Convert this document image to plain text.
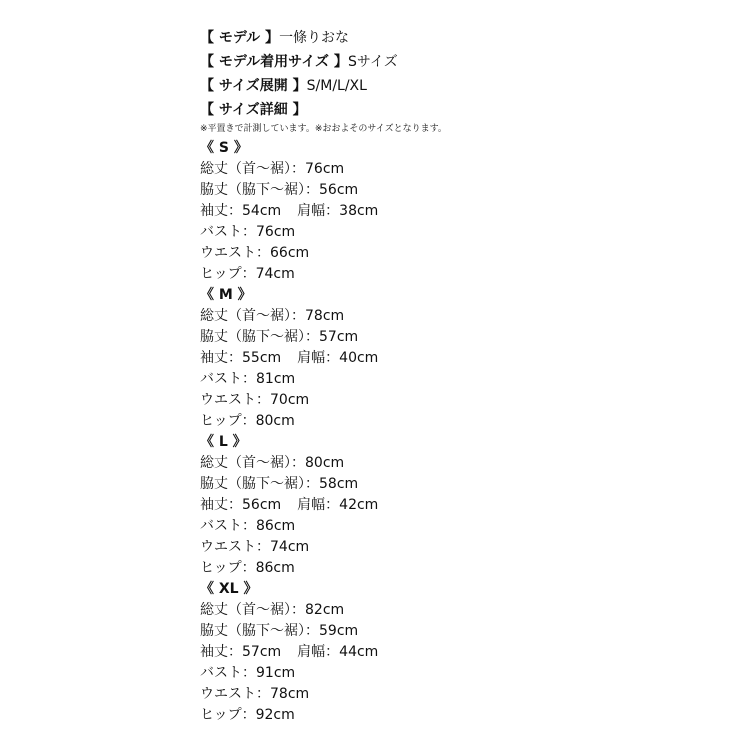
【 モデル 】一條りおな
【 モデル着用サイズ 】Sサイズ
【 サイズ展開 】S/M/L/XL
【 サイズ詳細 】
※平置きで計測しています。※おおよそのサイズとなります。
《 S 》
総丈（首〜裾）：76cm
脇丈（脇下〜裾）：56cm
袖丈：54cm 肩幅：38cm
バスト：76cm
ウエスト：66cm
ヒップ：74cm
《 M 》
総丈（首〜裾）：78cm
脇丈（脇下〜裾）：57cm
袖丈：55cm 肩幅：40cm
バスト：81cm
ウエスト：70cm
ヒップ：80cm
《 L 》
総丈（首〜裾）：80cm
脇丈（脇下〜裾）：58cm
袖丈：56cm 肩幅：42cm
バスト：86cm
ウエスト：74cm
ヒップ：86cm
《 XL 》
総丈（首〜裾）：82cm
脇丈（脇下〜裾）：59cm
袖丈：57cm 肩幅：44cm
バスト：91cm
ウエスト：78cm
ヒップ：92cm
